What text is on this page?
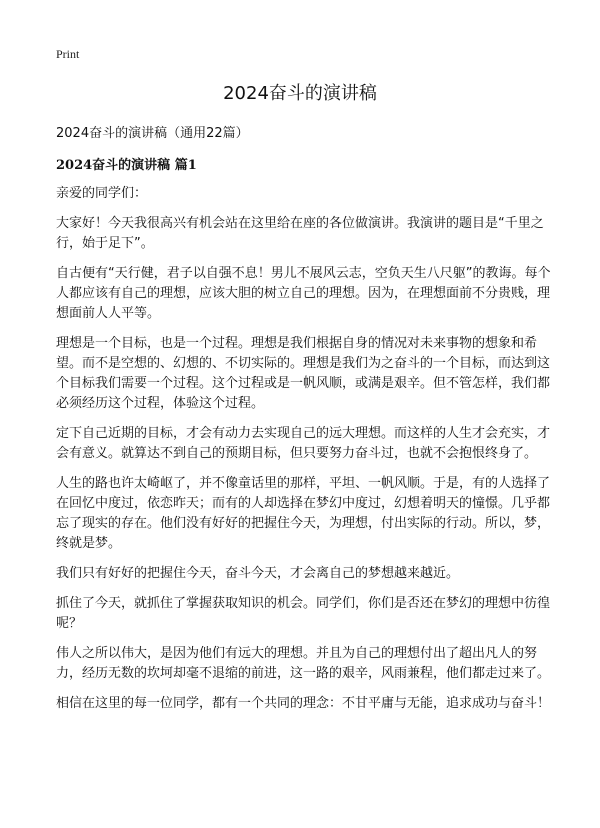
Print
2024奋斗的演讲稿

2024奋斗的演讲稿（通用22篇）

2024奋斗的演讲稿 篇1

亲爱的同学们：

大家好！今天我很高兴有机会站在这里给在座的各位做演讲。我演讲的题目是“千里之行，始于足下”。

自古便有“天行健，君子以自强不息！男儿不展风云志，空负天生八尺躯”的教诲。每个人都应该有自己的理想，应该大胆的树立自己的理想。因为，在理想面前不分贵贱，理想面前人人平等。

理想是一个目标，也是一个过程。理想是我们根据自身的情况对未来事物的想象和希望。而不是空想的、幻想的、不切实际的。理想是我们为之奋斗的一个目标，而达到这个目标我们需要一个过程。这个过程或是一帆风顺，或满是艰辛。但不管怎样，我们都必须经历这个过程，体验这个过程。

定下自己近期的目标，才会有动力去实现自己的远大理想。而这样的人生才会充实，才会有意义。就算达不到自己的预期目标，但只要努力奋斗过，也就不会抱恨终身了。

人生的路也许太崎岖了，并不像童话里的那样，平坦、一帆风顺。于是，有的人选择了在回忆中度过，依恋昨天；而有的人却选择在梦幻中度过，幻想着明天的憧憬。几乎都忘了现实的存在。他们没有好好的把握住今天，为理想，付出实际的行动。所以，梦，终就是梦。

我们只有好好的把握住今天，奋斗今天，才会离自己的梦想越来越近。

抓住了今天，就抓住了掌握获取知识的机会。同学们，你们是否还在梦幻的理想中彷徨呢？

伟人之所以伟大，是因为他们有远大的理想。并且为自己的理想付出了超出凡人的努力，经历无数的坎坷却毫不退缩的前进，这一路的艰辛，风雨兼程，他们都走过来了。

相信在这里的每一位同学，都有一个共同的理念：不甘平庸与无能，追求成功与奋斗！
